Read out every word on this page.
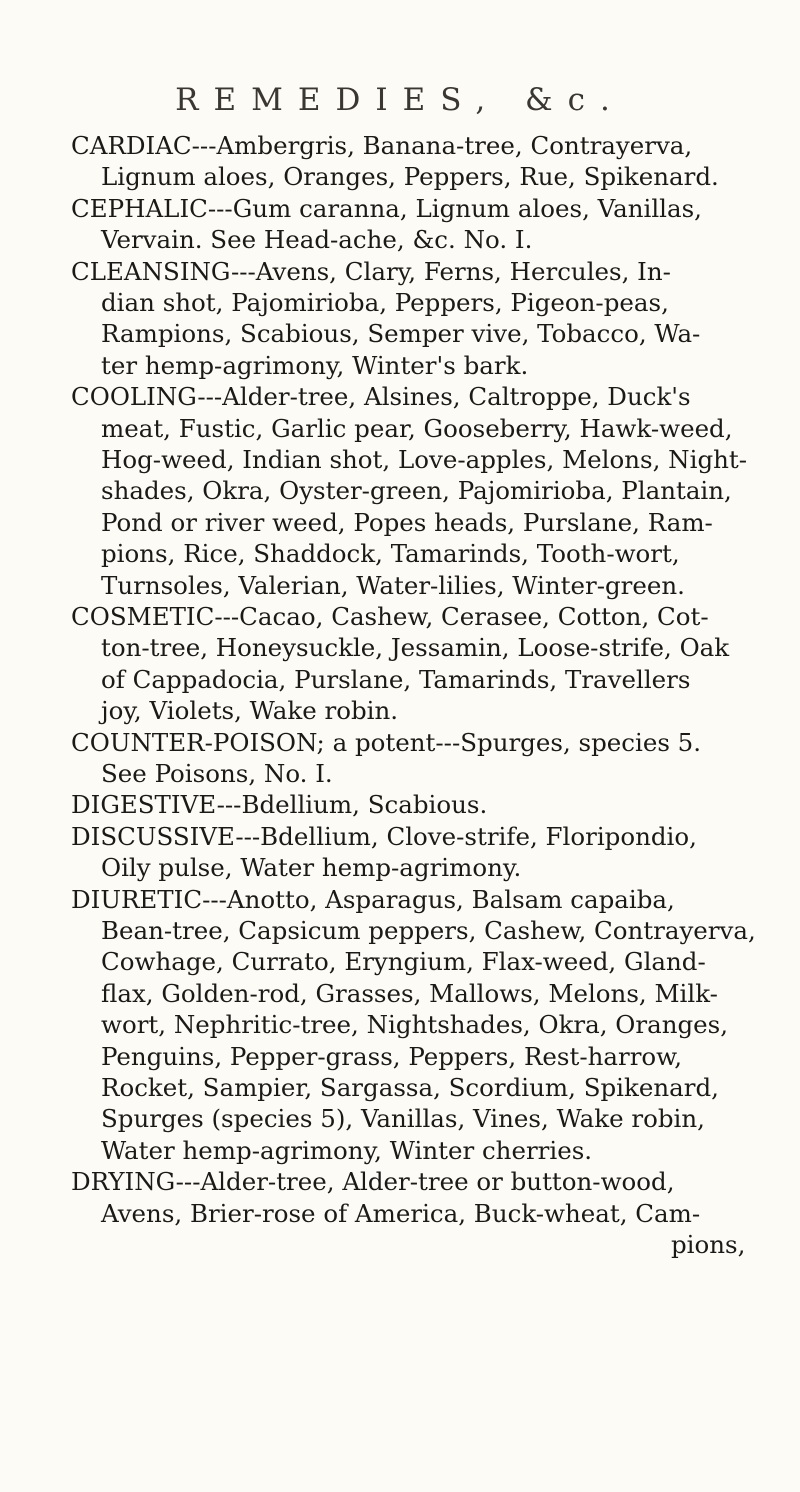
REMEDIES, &c.
CARDIAC---Ambergris, Banana-tree, Contrayerva,
Lignum aloes, Oranges, Peppers, Rue, Spikenard.
CEPHALIC---Gum caranna, Lignum aloes, Vanillas,
Vervain. See Head-ache, &c. No. I.
CLEANSING---Avens, Clary, Ferns, Hercules, In-
dian shot, Pajomirioba, Peppers, Pigeon-peas,
Rampions, Scabious, Semper vive, Tobacco, Wa-
ter hemp-agrimony, Winter's bark.
COOLING---Alder-tree, Alsines, Caltroppe, Duck's
meat, Fustic, Garlic pear, Gooseberry, Hawk-weed,
Hog-weed, Indian shot, Love-apples, Melons, Night-
shades, Okra, Oyster-green, Pajomirioba, Plantain,
Pond or river weed, Popes heads, Purslane, Ram-
pions, Rice, Shaddock, Tamarinds, Tooth-wort,
Turnsoles, Valerian, Water-lilies, Winter-green.
COSMETIC---Cacao, Cashew, Cerasee, Cotton, Cot-
ton-tree, Honeysuckle, Jessamin, Loose-strife, Oak
of Cappadocia, Purslane, Tamarinds, Travellers
joy, Violets, Wake robin.
COUNTER-POISON; a potent---Spurges, species 5.
See Poisons, No. I.
DIGESTIVE---Bdellium, Scabious.
DISCUSSIVE---Bdellium, Clove-strife, Floripondio,
Oily pulse, Water hemp-agrimony.
DIURETIC---Anotto, Asparagus, Balsam capaiba,
Bean-tree, Capsicum peppers, Cashew, Contrayerva,
Cowhage, Currato, Eryngium, Flax-weed, Gland-
flax, Golden-rod, Grasses, Mallows, Melons, Milk-
wort, Nephritic-tree, Nightshades, Okra, Oranges,
Penguins, Pepper-grass, Peppers, Rest-harrow,
Rocket, Sampier, Sargassa, Scordium, Spikenard,
Spurges (species 5), Vanillas, Vines, Wake robin,
Water hemp-agrimony, Winter cherries.
DRYING---Alder-tree, Alder-tree or button-wood,
Avens, Brier-rose of America, Buck-wheat, Cam-
pions,
